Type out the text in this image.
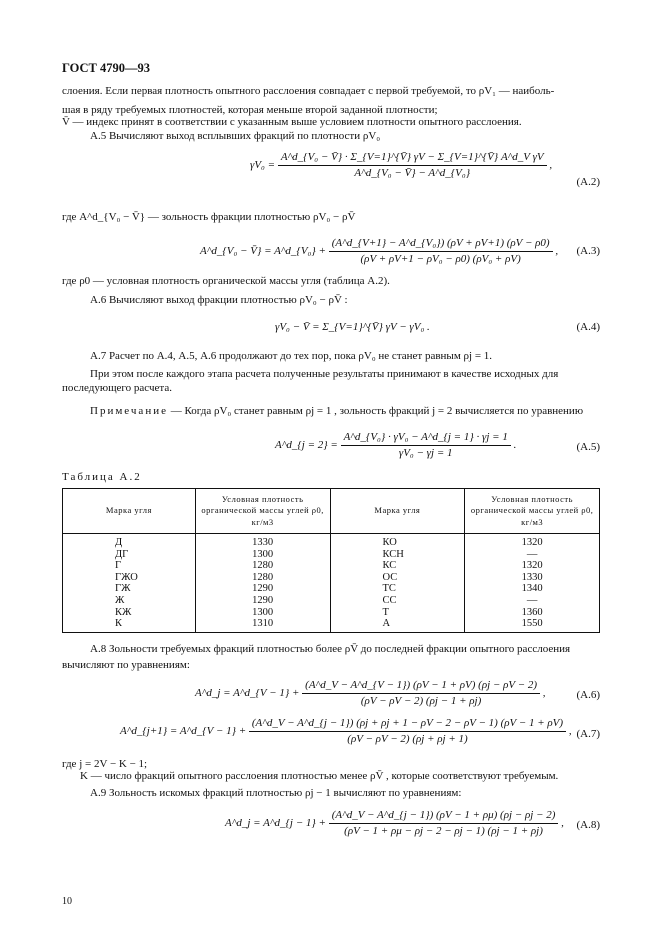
ГОСТ 4790—93
слоения. Если первая плотность опытного расслоения совпадает с первой требуемой, то ρV₁ — наиболь-
шая в ряду требуемых плотностей, которая меньше второй заданной плотности;
V̄ — индекс принят в соответствии с указанным выше условием плотности опытного расслоения.
А.5 Вычисляют выход всплывших фракций по плотности ρV₀
$\gamma V_0 = \frac{\text{A\textasciicircum{}d\_\{V₀ − V̄\} · Σ\_\{V=1\}\textasciicircum{}\{V̄\} γV − Σ\_\{V=1\}\textasciicircum{}\{V̄\} A\textasciicircum{}d\_V γV}}{\text{A\textasciicircum{}d\_\{V₀ − V̄\} − A\textasciicircum{}d\_\{V₀\}}}$ ,
(А.2)
где A^d_{V₀ − V̄} — зольность фракции плотностью ρV₀ − ρV̄
A^d_{V₀ − V̄} = A^d_{V₀} + $\frac{\text{(A\textasciicircum{}d\_\{V+1\} − A\textasciicircum{}d\_\{V₀\}) (ρV + ρV+1) (ρV − ρ0)}}{\text{(ρV + ρV+1 − ρV₀ − ρ0) (ρV₀ + ρV)}}$ , (А.3)
где ρ0 — условная плотность органической массы угля (таблица А.2).
А.6 Вычисляют выход фракции плотностью ρV₀ − ρV̄ :
γV₀ − V̄ = Σ_{V=1}^{V̄} γV − γV₀ .	(А.4)
А.7 Расчет по А.4, А.5, А.6 продолжают до тех пор, пока ρV₀ не станет равным ρj = 1.
При этом после каждого этапа расчета полученные результаты принимают в качестве исходных для
последующего расчета.
Примечание — Когда ρV₀ станет равным ρj = 1 , зольность фракций j = 2 вычисляется по уравнению
A^d_{j = $2\} = \frac{\text{A\textasciicircum{}d\_\{V₀\} · γV₀ − A\textasciicircum{}d\_\{j = 1\} · γj = 1}}{\text{γV₀ − γj = 1}}$ .	(А.5)
Таблица А.2
Марка угля	Условная плотность органической массы углей ρ0, кг/м3	Марка угля	Условная плотность органической массы углей ρ0, кг/м3
Д	1330	КО	1320
ДГ	1300	КСН	—
Г	1280	КС	1320
ГЖО	1280	ОС	1330
ГЖ	1290	ТС	1340
Ж	1290	СС	—
КЖ	1300	Т	1360
К	1310	А	1550
А.8 Зольности требуемых фракций плотностью более ρV̄ до последней фракции опытного расслоения
вычисляют по уравнениям:
A^d_j = A^d_{V − $1\} + \frac{(A\^{}d\_V - A\^{}d\_\{V - 1\}) (\rho V - 1 + \rho V) (\rho j - \rho V - 2)}{(\rho V - \rho V - 2) (\rho j - 1 + \rho j)}$ ,	(А.6)
A^d_{j+1} = A^d_{V − 1} +
(A^d_V − A^d_{j − 1}) (ρj + ρj + 1 − ρV − 2 − ρV − 1) (ρV − 1 + ρV)
(ρV − ρV − 2) (ρj + ρj + 1)
, (А.7)
где j = 2V − K − 1;
K — число фракций опытного расслоения плотностью менее ρV̄ , которые соответствуют требуемым.
А.9 Зольность искомых фракций плотностью ρj − 1 вычисляют по уравнениям:
A^d_j = A^d_{j − $1\} + \frac{(A\^{}d\_V - A\^{}d\_\{j - 1\}) (\rho V - 1 + \rho\mu) (\rho j - \rho j - 2)}{(\rho V - 1 + \rho\mu - \rho j - 2 - \rho j - 1) (\rho j - 1 + \rho j)}$ , (А.8)
10
